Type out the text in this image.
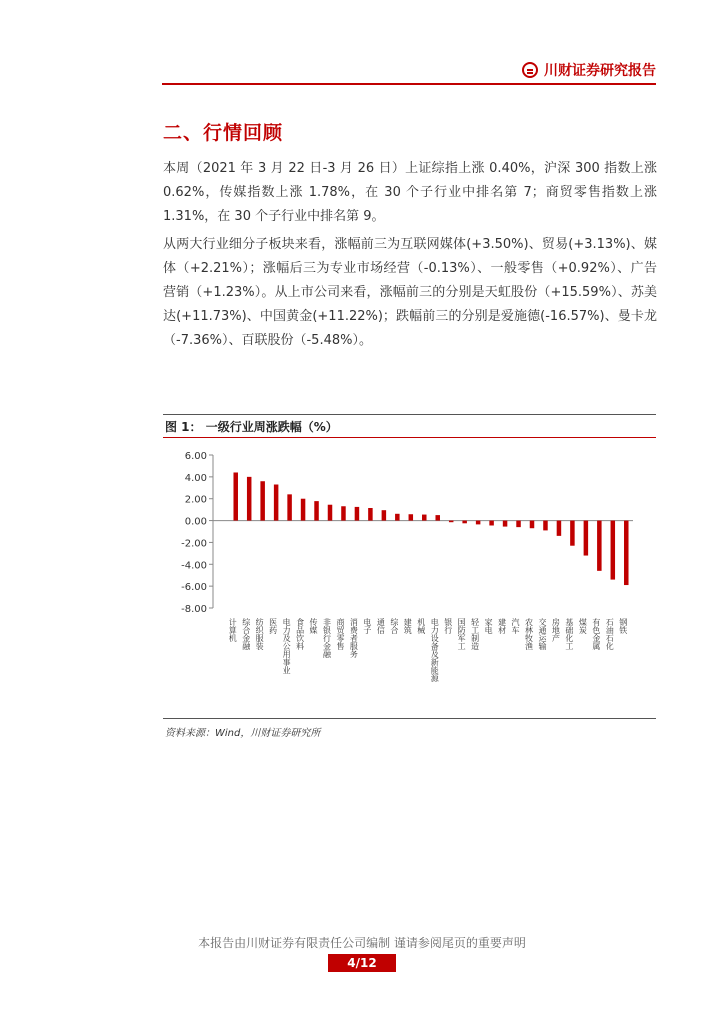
川财证券研究报告
二、行情回顾
本周（2021 年 3 月 22 日-3 月 26 日）上证综指上涨 0.40%，沪深 300 指数上涨 0.62%，传媒指数上涨 1.78%，在 30 个子行业中排名第 7；商贸零售指数上涨 1.31%，在 30 个子行业中排名第 9。
从两大行业细分子板块来看，涨幅前三为互联网媒体(+3.50%)、贸易(+3.13%)、媒体（+2.21%）；涨幅后三为专业市场经营（-0.13%）、一般零售（+0.92%）、广告营销（+1.23%）。从上市公司来看，涨幅前三的分别是天虹股份（+15.59%）、苏美达(+11.73%)、中国黄金(+11.22%)；跌幅前三的分别是爱施德(-16.57%)、曼卡龙（-7.36%）、百联股份（-5.48%）。
图 1： 一级行业周涨跌幅（%）
6.00
4.00
2.00
0.00
-2.00
-4.00
-6.00
-8.00
计算机 综合金融 纺织服装 医药 电力及公用事业 食品饮料 传媒 非银行金融 商贸零售 消费者服务 电子 通信 综合 建筑 机械 电力设备及新能源 银行 国防军工 轻工制造 家电 建材 汽车 农林牧渔 交通运输 房地产 基础化工 煤炭 有色金属 石油石化 钢铁
资料来源：Wind，川财证券研究所
本报告由川财证券有限责任公司编制 谨请参阅尾页的重要声明
4/12
